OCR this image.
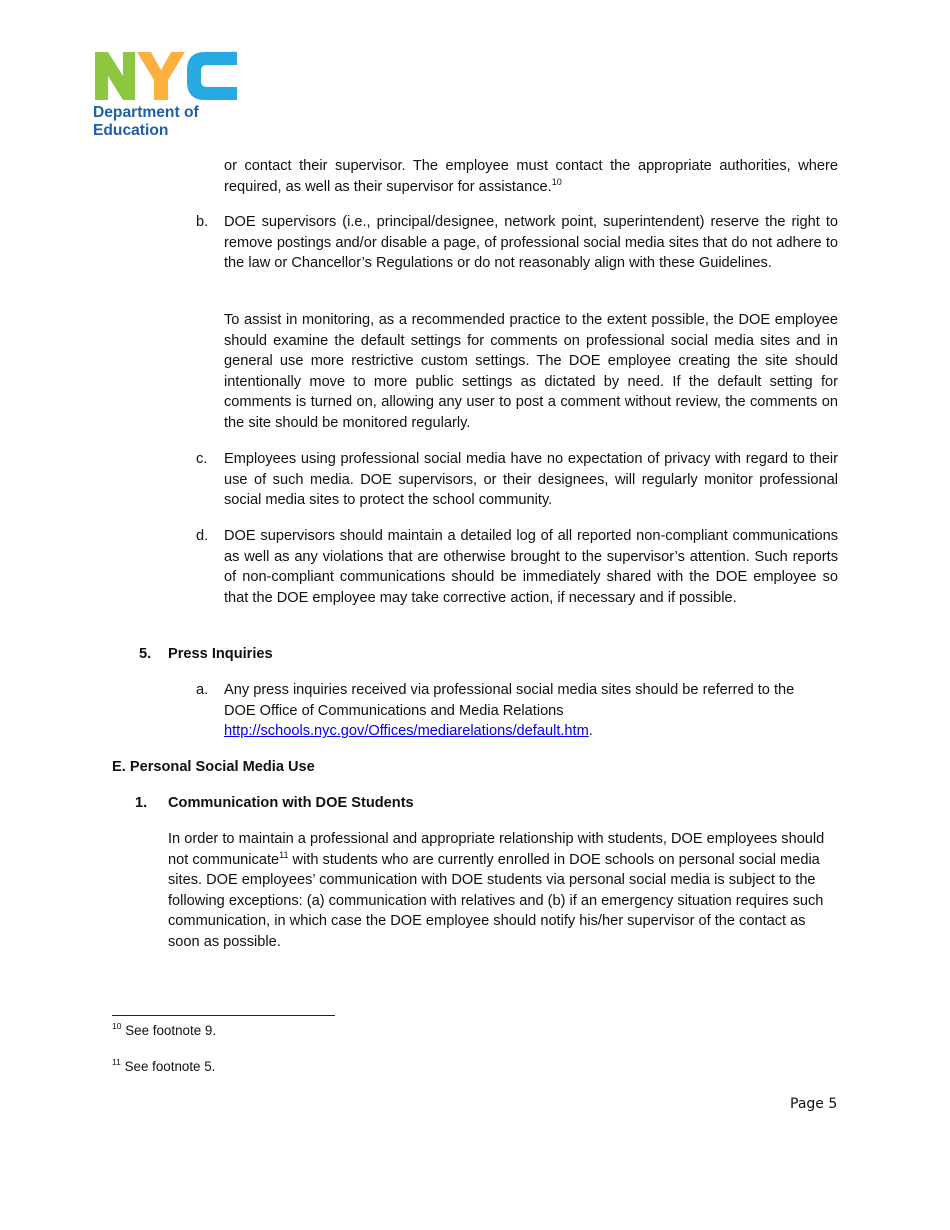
TM
Department of
Education

or contact their supervisor. The employee must contact the appropriate authorities, where required, as well as their supervisor for assistance.$^{10}$

b. DOE supervisors (i.e., principal/designee, network point, superintendent) reserve the right to remove postings and/or disable a page, of professional social media sites that do not adhere to the law or Chancellor’s Regulations or do not reasonably align with these Guidelines.

To assist in monitoring, as a recommended practice to the extent possible, the DOE employee should examine the default settings for comments on professional social media sites and in general use more restrictive custom settings. The DOE employee creating the site should intentionally move to more public settings as dictated by need. If the default setting for comments is turned on, allowing any user to post a comment without review, the comments on the site should be monitored regularly.

c. Employees using professional social media have no expectation of privacy with regard to their use of such media. DOE supervisors, or their designees, will regularly monitor professional social media sites to protect the school community.

d. DOE supervisors should maintain a detailed log of all reported non-compliant communications as well as any violations that are otherwise brought to the supervisor’s attention. Such reports of non-compliant communications should be immediately shared with the DOE employee so that the DOE employee may take corrective action, if necessary and if possible.

5. Press Inquiries
a. Any press inquiries received via professional social media sites should be referred to the
DOE Office of Communications and Media Relations
http://schools.nyc.gov/Offices/mediarelations/default.htm.
E. Personal Social Media Use
1. Communication with DOE Students

In order to maintain a professional and appropriate relationship with students, DOE employees should not communicate$^{11}$ with students who are currently enrolled in DOE schools on personal social media sites. DOE employees’ communication with DOE students via personal social media is subject to the following exceptions: (a) communication with relatives and (b) if an emergency situation requires such communication, in which case the DOE employee should notify his/her supervisor of the contact as soon as possible.

$^{10}$ See footnote 9.
$^{11}$ See footnote 5.
Page 5
